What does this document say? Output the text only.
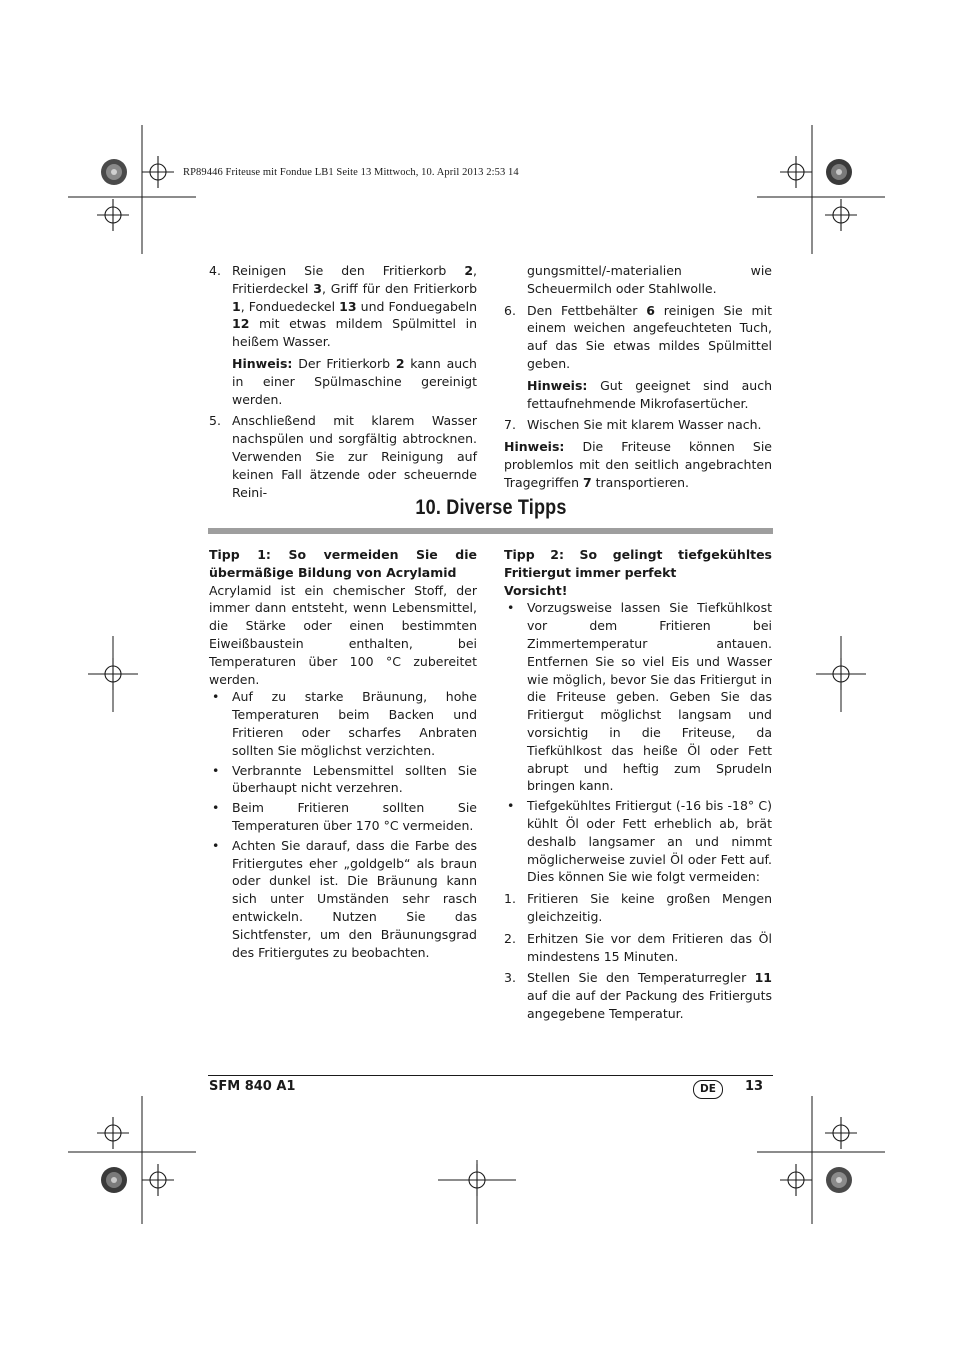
RP89446 Friteuse mit Fondue LB1 Seite 13 Mittwoch, 10. April 2013 2:53 14
4. Reinigen Sie den Fritierkorb 2, Fritierdeckel 3, Griff für den Fritierkorb 1, Fonduedeckel 13 und Fonduegabeln 12 mit etwas mildem Spülmittel in heißem Wasser.
Hinweis: Der Fritierkorb 2 kann auch in einer Spülmaschine gereinigt werden.
5. Anschließend mit klarem Wasser nachspülen und sorgfältig abtrocknen. Verwenden Sie zur Reinigung auf keinen Fall ätzende oder scheuernde Reini-
gungsmittel/-materialien wie Scheuermilch oder Stahlwolle.
6. Den Fettbehälter 6 reinigen Sie mit einem weichen angefeuchteten Tuch, auf das Sie etwas mildes Spülmittel geben.
Hinweis: Gut geeignet sind auch fettaufnehmende Mikrofasertücher.
7. Wischen Sie mit klarem Wasser nach.

Hinweis: Die Friteuse können Sie problemlos mit den seitlich angebrachten Tragegriffen 7 transportieren.

10. Diverse Tipps
Tipp 1: So vermeiden Sie die übermäßige Bildung von Acrylamid

Acrylamid ist ein chemischer Stoff, der immer dann entsteht, wenn Lebensmittel, die Stärke oder einen bestimmten Eiweißbaustein enthalten, bei Temperaturen über 100 °C zubereitet werden.

• Auf zu starke Bräunung, hohe Temperaturen beim Backen und Fritieren oder scharfes Anbraten sollten Sie möglichst verzichten.
• Verbrannte Lebensmittel sollten Sie überhaupt nicht verzehren.
• Beim Fritieren sollten Sie Temperaturen über 170 °C vermeiden.
• Achten Sie darauf, dass die Farbe des Fritiergutes eher „goldgelb“ als braun oder dunkel ist. Die Bräunung kann sich unter Umständen sehr rasch entwickeln. Nutzen Sie das Sichtfenster, um den Bräunungsgrad des Fritiergutes zu beobachten.
Tipp 2: So gelingt tiefgekühltes Fritiergut immer perfekt
Vorsicht!
• Vorzugsweise lassen Sie Tiefkühlkost vor dem Fritieren bei Zimmertemperatur antauen. Entfernen Sie so viel Eis und Wasser wie möglich, bevor Sie das Fritiergut in die Friteuse geben. Geben Sie das Fritiergut möglichst langsam und vorsichtig in die Friteuse, da Tiefkühlkost das heiße Öl oder Fett abrupt und heftig zum Sprudeln bringen kann.
• Tiefgekühltes Fritiergut (-16 bis -18° C) kühlt Öl oder Fett erheblich ab, brät deshalb langsamer an und nimmt möglicherweise zuviel Öl oder Fett auf. Dies können Sie wie folgt vermeiden:
1. Fritieren Sie keine großen Mengen gleichzeitig.
2. Erhitzen Sie vor dem Fritieren das Öl mindestens 15 Minuten.
3. Stellen Sie den Temperaturregler 11 auf die auf der Packung des Fritierguts angegebene Temperatur.
SFM 840 A1	DE	13
